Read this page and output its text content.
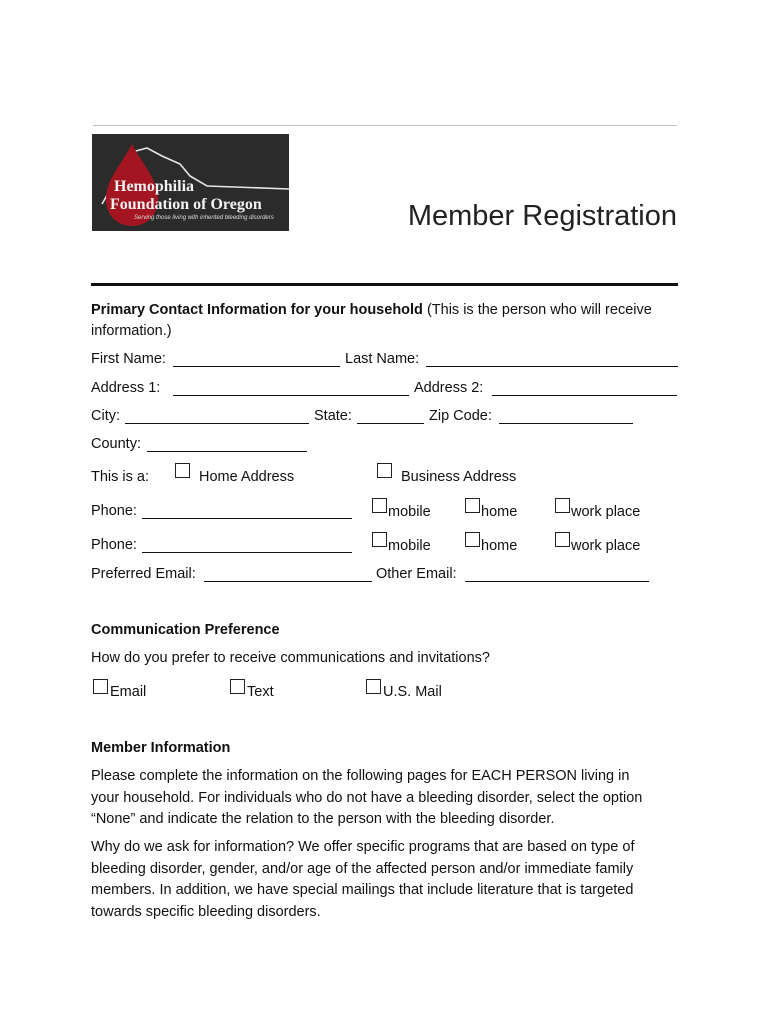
Hemophilia
Foundation of Oregon
Serving those living with inherited bleeding disorders	Member Registration
Primary Contact Information for your household (This is the person who will receive
information.)
First Name:	Last Name:
Address 1:	Address 2:
City:	State:	Zip Code:
County:
This is a:	Home Address	Business Address
Phone:	mobile	home	work place
Phone:	mobile	home	work place
Preferred Email:	Other Email:
Communication Preference
How do you prefer to receive communications and invitations?
Email	Text	U.S. Mail
Member Information
Please complete the information on the following pages for EACH PERSON living in
your household. For individuals who do not have a bleeding disorder, select the option
“None” and indicate the relation to the person with the bleeding disorder.
Why do we ask for information? We offer specific programs that are based on type of
bleeding disorder, gender, and/or age of the affected person and/or immediate family
members. In addition, we have special mailings that include literature that is targeted
towards specific bleeding disorders.
